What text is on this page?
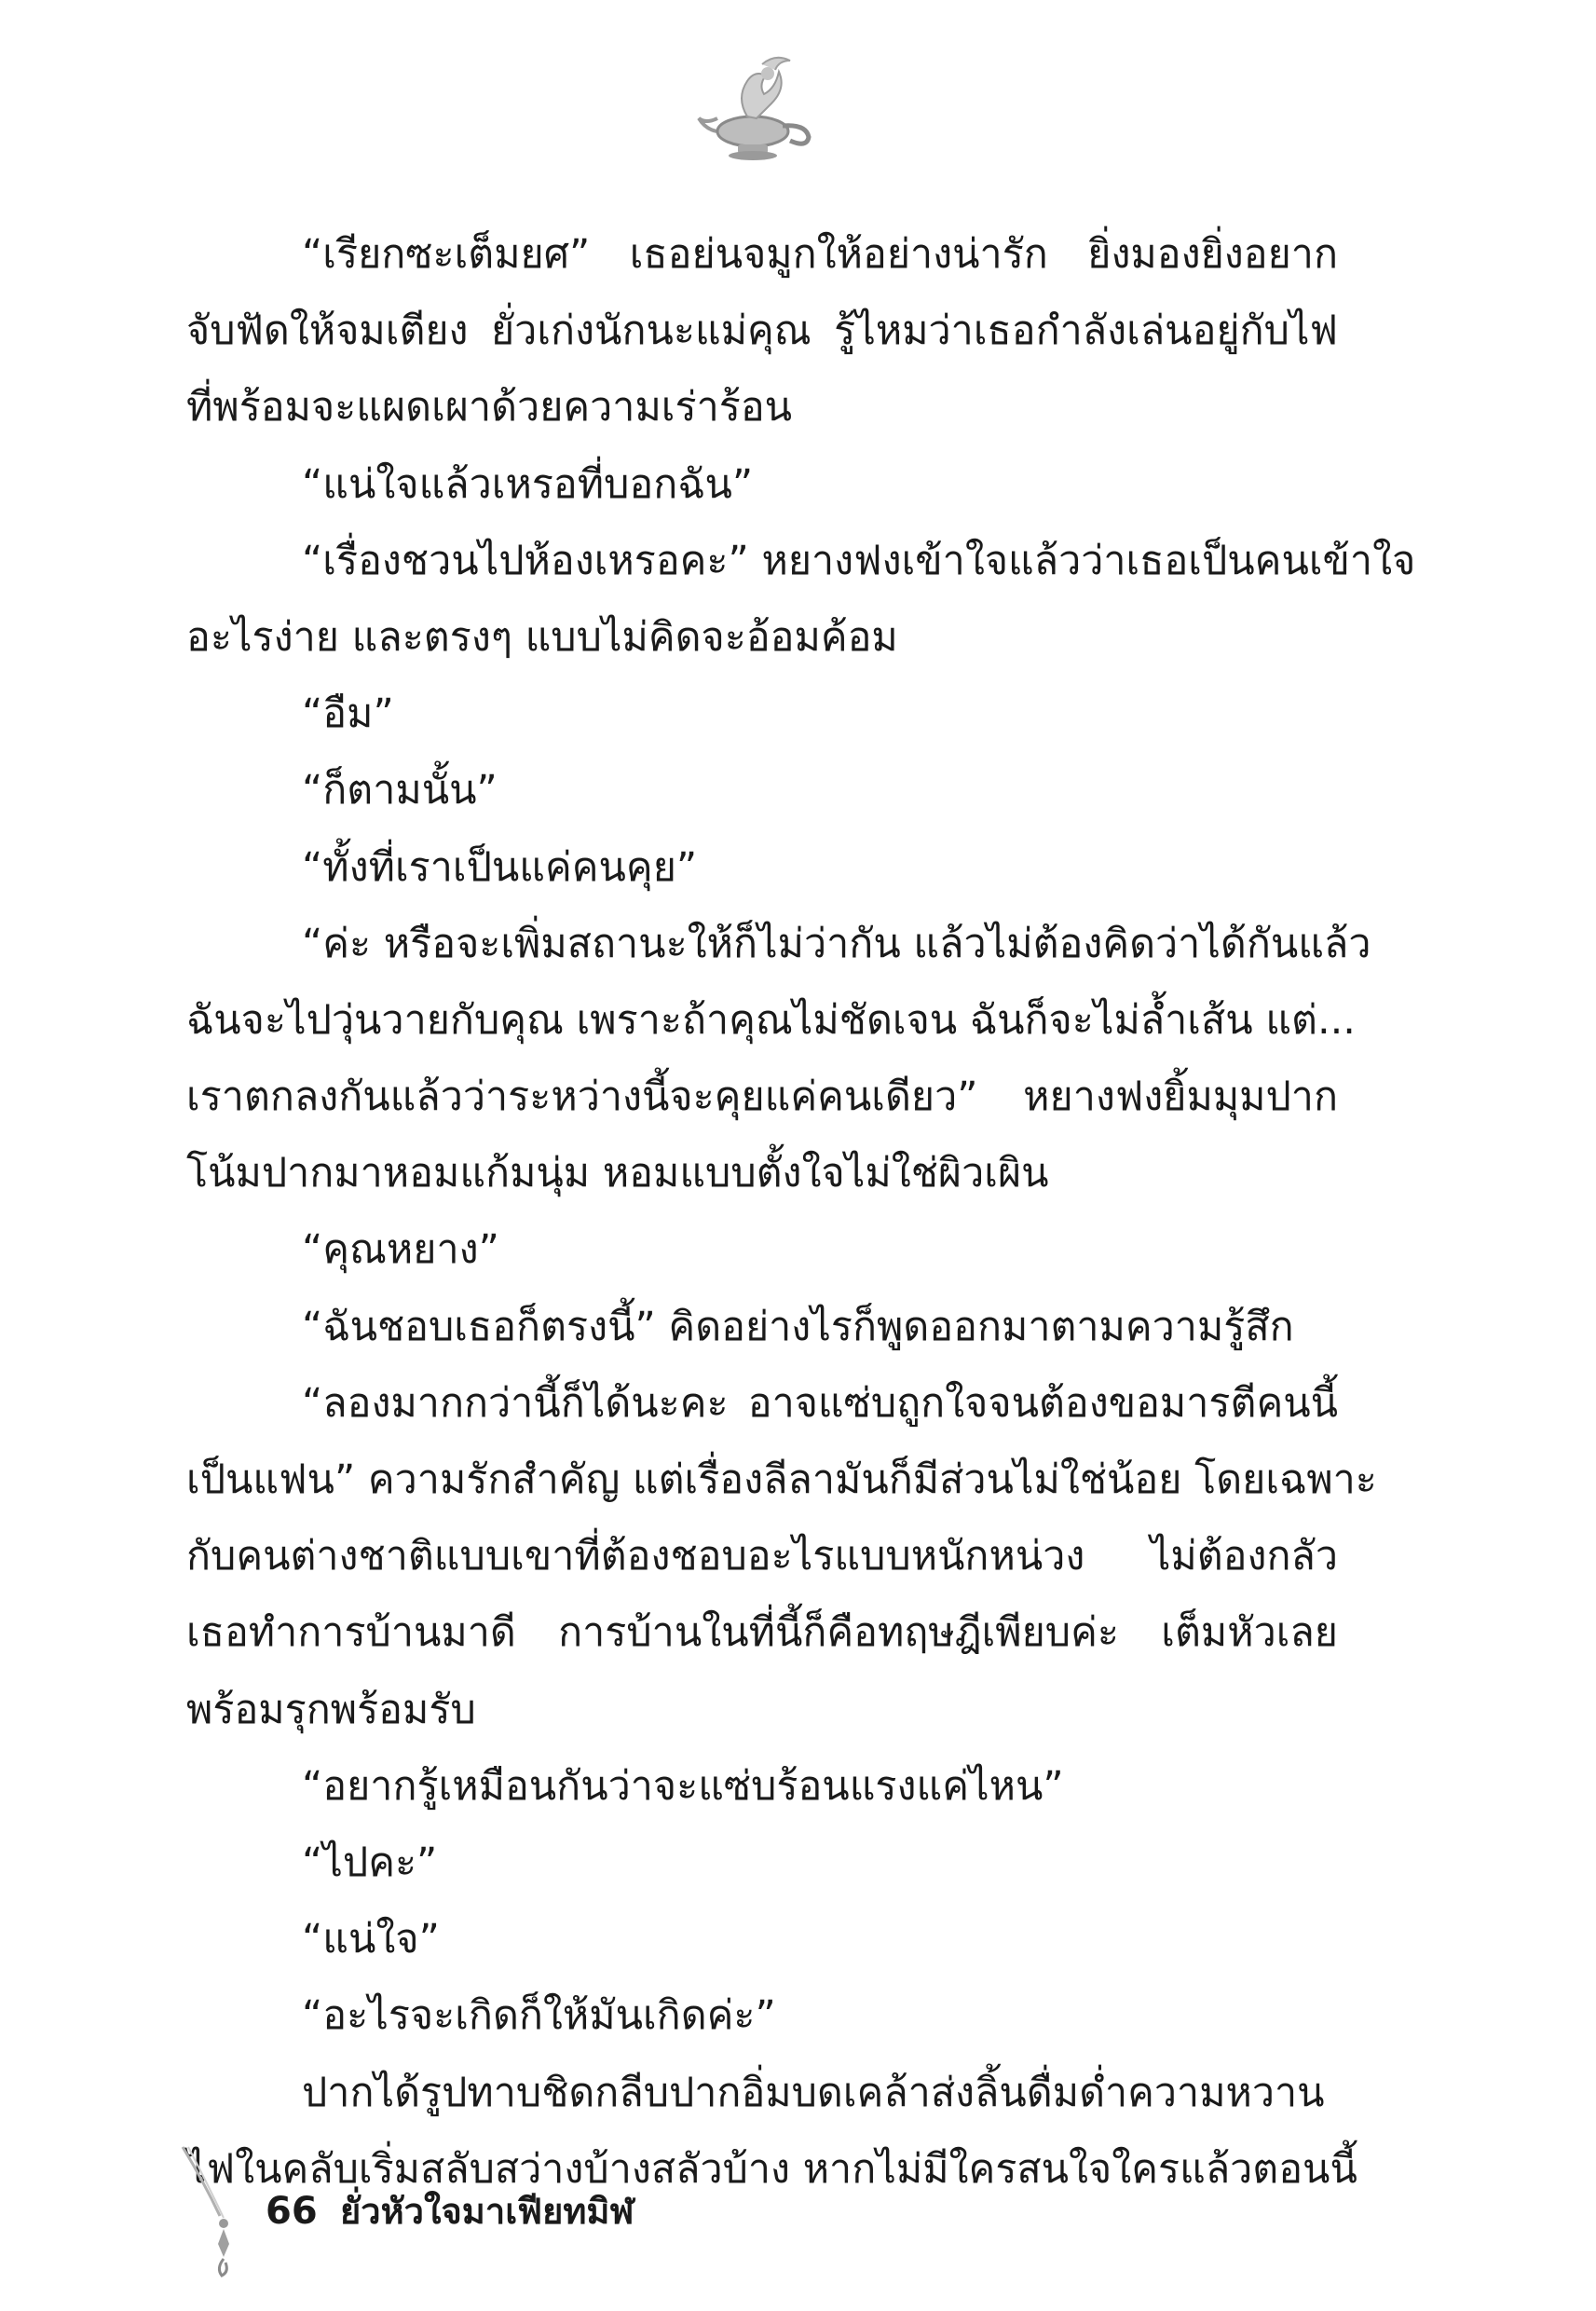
“เรียกซะเต็มยศ” เธอย่นจมูกให้อย่างน่ารัก ยิ่งมองยิ่งอยาก
จับฟัดให้จมเตียง ยั่วเก่งนักนะแม่คุณ รู้ไหมว่าเธอกำลังเล่นอยู่กับไฟ
ที่พร้อมจะแผดเผาด้วยความเร่าร้อน
“แน่ใจแล้วเหรอที่บอกฉัน”
“เรื่องชวนไปห้องเหรอคะ” หยางฟงเข้าใจแล้วว่าเธอเป็นคนเข้าใจ
อะไรง่าย และตรงๆ แบบไม่คิดจะอ้อมค้อม
“อืม”
“ก็ตามนั้น”
“ทั้งที่เราเป็นแค่คนคุย”
“ค่ะ หรือจะเพิ่มสถานะให้ก็ไม่ว่ากัน แล้วไม่ต้องคิดว่าได้กันแล้ว
ฉันจะไปวุ่นวายกับคุณ เพราะถ้าคุณไม่ชัดเจน ฉันก็จะไม่ล้ำเส้น แต่...
เราตกลงกันแล้วว่าระหว่างนี้จะคุยแค่คนเดียว” หยางฟงยิ้มมุมปาก
โน้มปากมาหอมแก้มนุ่ม หอมแบบตั้งใจไม่ใช่ผิวเผิน
“คุณหยาง”
“ฉันชอบเธอก็ตรงนี้” คิดอย่างไรก็พูดออกมาตามความรู้สึก
“ลองมากกว่านี้ก็ได้นะคะ อาจแซ่บถูกใจจนต้องขอมารตีคนนี้
เป็นแฟน” ความรักสำคัญ แต่เรื่องลีลามันก็มีส่วนไม่ใช่น้อย โดยเฉพาะ
กับคนต่างชาติแบบเขาที่ต้องชอบอะไรแบบหนักหน่วง ไม่ต้องกลัว
เธอทำการบ้านมาดี การบ้านในที่นี้ก็คือทฤษฎีเพียบค่ะ เต็มหัวเลย
พร้อมรุกพร้อมรับ
“อยากรู้เหมือนกันว่าจะแซ่บร้อนแรงแค่ไหน”
“ไปคะ”
“แน่ใจ”
“อะไรจะเกิดก็ให้มันเกิดค่ะ”
ปากได้รูปทาบชิดกลีบปากอิ่มบดเคล้าส่งลิ้นดื่มด่ำความหวาน
ไฟในคลับเริ่มสลับสว่างบ้างสลัวบ้าง หากไม่มีใครสนใจใครแล้วตอนนี้
66 ยั่วหัวใจมาเฟียทมิฬ
